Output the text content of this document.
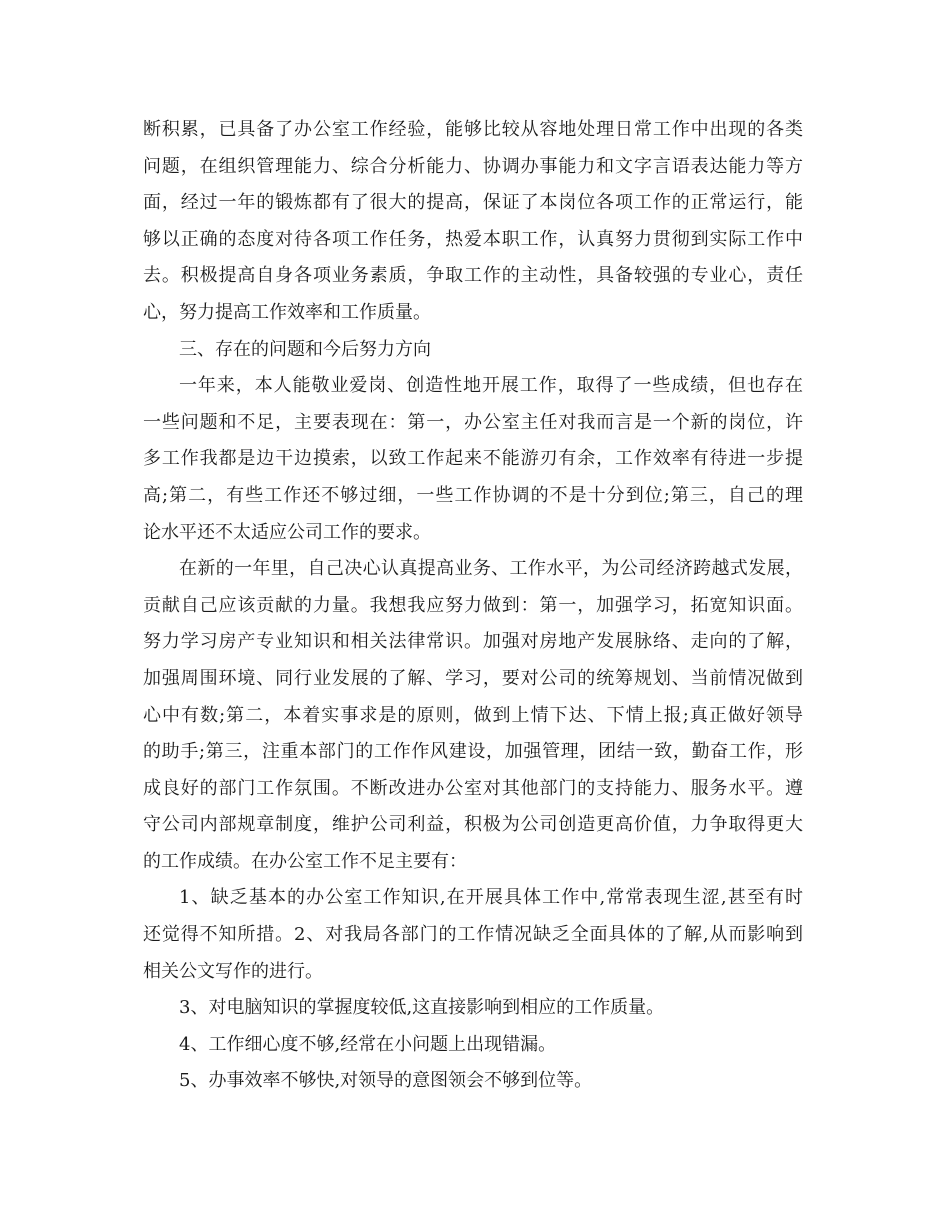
断积累，已具备了办公室工作经验，能够比较从容地处理日常工作中出现的各类

问题，在组织管理能力、综合分析能力、协调办事能力和文字言语表达能力等方

面，经过一年的锻炼都有了很大的提高，保证了本岗位各项工作的正常运行，能

够以正确的态度对待各项工作任务，热爱本职工作，认真努力贯彻到实际工作中

去。积极提高自身各项业务素质，争取工作的主动性，具备较强的专业心，责任

心，努力提高工作效率和工作质量。

三、存在的问题和今后努力方向

一年来，本人能敬业爱岗、创造性地开展工作，取得了一些成绩，但也存在

一些问题和不足，主要表现在：第一，办公室主任对我而言是一个新的岗位，许

多工作我都是边干边摸索，以致工作起来不能游刃有余，工作效率有待进一步提

高;第二，有些工作还不够过细，一些工作协调的不是十分到位;第三，自己的理

论水平还不太适应公司工作的要求。

在新的一年里，自己决心认真提高业务、工作水平，为公司经济跨越式发展，

贡献自己应该贡献的力量。我想我应努力做到：第一，加强学习，拓宽知识面。

努力学习房产专业知识和相关法律常识。加强对房地产发展脉络、走向的了解，

加强周围环境、同行业发展的了解、学习，要对公司的统筹规划、当前情况做到

心中有数;第二，本着实事求是的原则，做到上情下达、下情上报;真正做好领导

的助手;第三，注重本部门的工作作风建设，加强管理，团结一致，勤奋工作，形

成良好的部门工作氛围。不断改进办公室对其他部门的支持能力、服务水平。遵

守公司内部规章制度，维护公司利益，积极为公司创造更高价值，力争取得更大

的工作成绩。在办公室工作不足主要有：

1、缺乏基本的办公室工作知识,在开展具体工作中,常常表现生涩,甚至有时

还觉得不知所措。2、对我局各部门的工作情况缺乏全面具体的了解,从而影响到

相关公文写作的进行。

3、对电脑知识的掌握度较低,这直接影响到相应的工作质量。

4、工作细心度不够,经常在小问题上出现错漏。

5、办事效率不够快,对领导的意图领会不够到位等。
